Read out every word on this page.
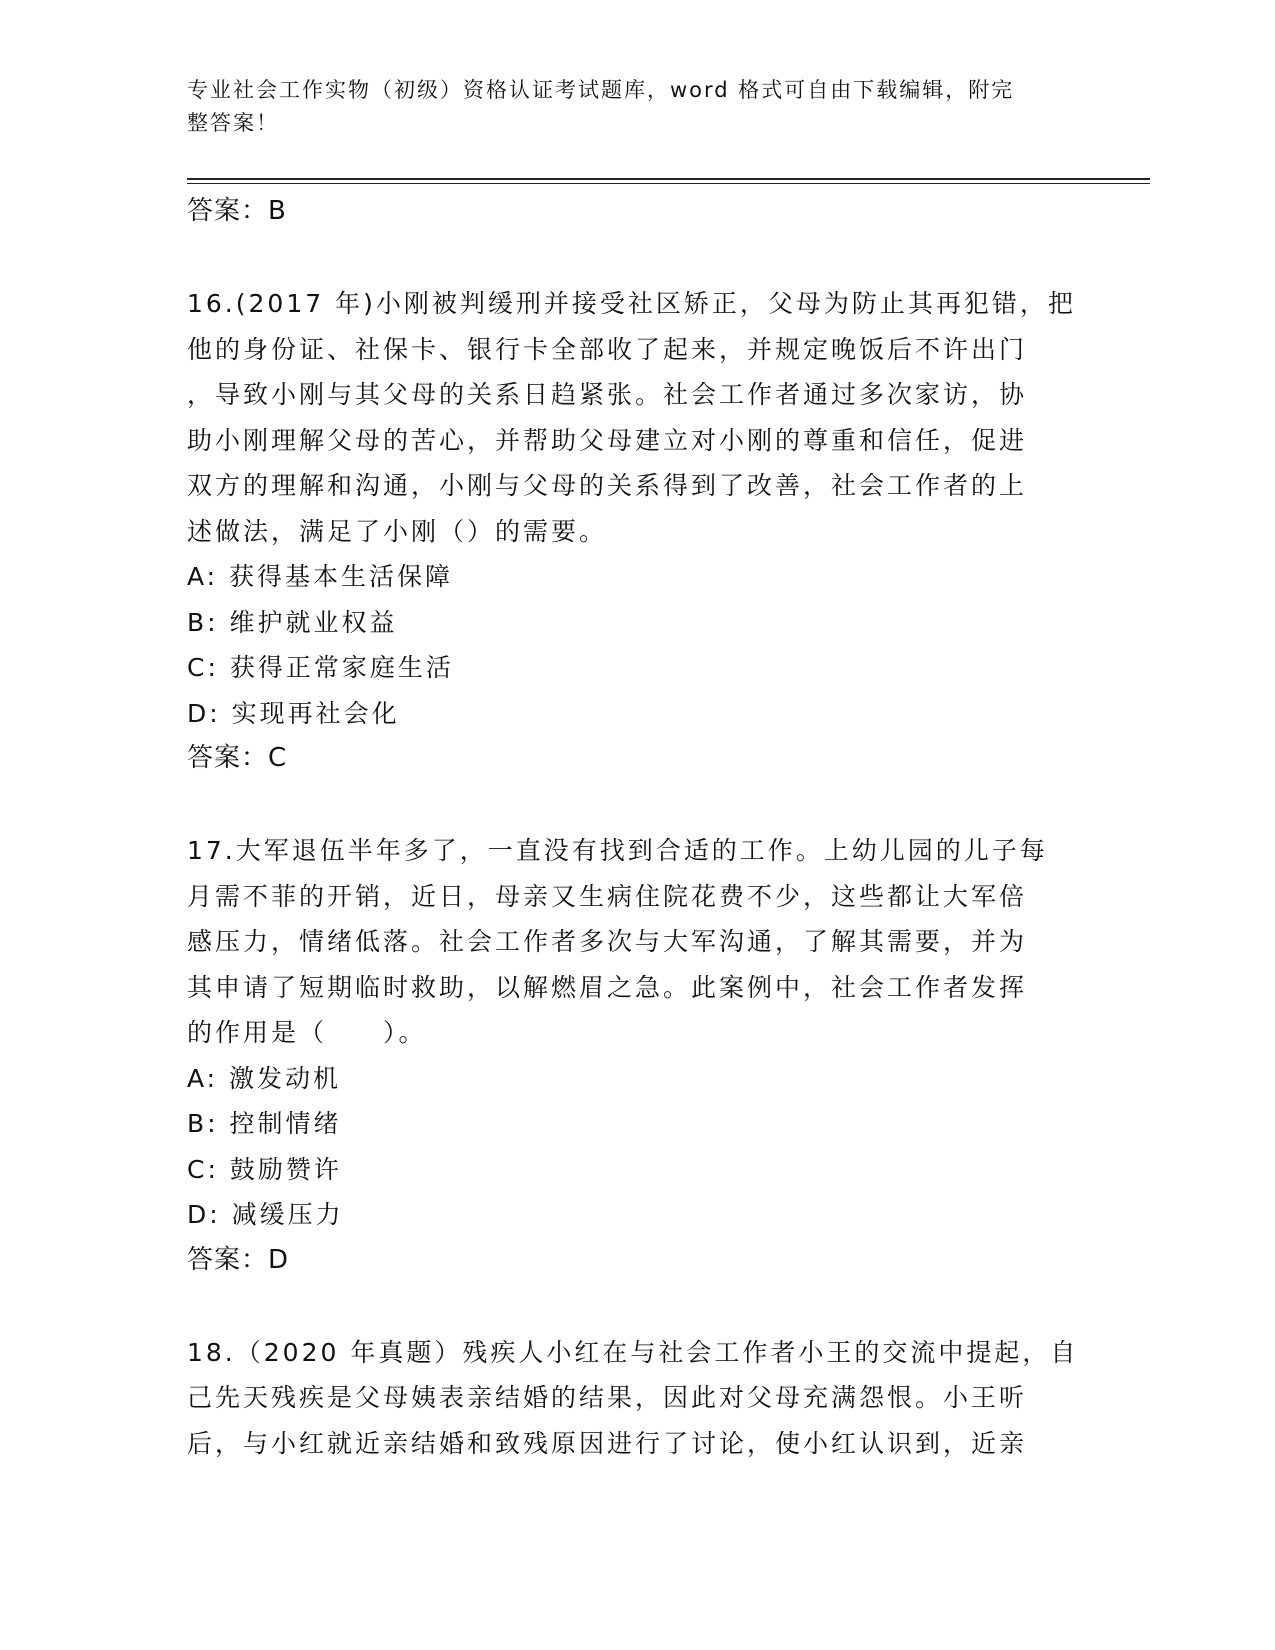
专业社会工作实物（初级）资格认证考试题库，word 格式可自由下载编辑，附完
整答案！
答案：B
16.(2017 年)小刚被判缓刑并接受社区矫正，父母为防止其再犯错，把
他的身份证、社保卡、银行卡全部收了起来，并规定晚饭后不许出门
，导致小刚与其父母的关系日趋紧张。社会工作者通过多次家访，协
助小刚理解父母的苦心，并帮助父母建立对小刚的尊重和信任，促进
双方的理解和沟通，小刚与父母的关系得到了改善，社会工作者的上
述做法，满足了小刚（）的需要。
A: 获得基本生活保障
B: 维护就业权益
C: 获得正常家庭生活
D: 实现再社会化
答案：C
17.大军退伍半年多了，一直没有找到合适的工作。上幼儿园的儿子每
月需不菲的开销，近日，母亲又生病住院花费不少，这些都让大军倍
感压力，情绪低落。社会工作者多次与大军沟通，了解其需要，并为
其申请了短期临时救助，以解燃眉之急。此案例中，社会工作者发挥
的作用是（　　）。
A: 激发动机
B: 控制情绪
C: 鼓励赞许
D: 减缓压力
答案：D
18.（2020 年真题）残疾人小红在与社会工作者小王的交流中提起，自
己先天残疾是父母姨表亲结婚的结果，因此对父母充满怨恨。小王听
后，与小红就近亲结婚和致残原因进行了讨论，使小红认识到，近亲
